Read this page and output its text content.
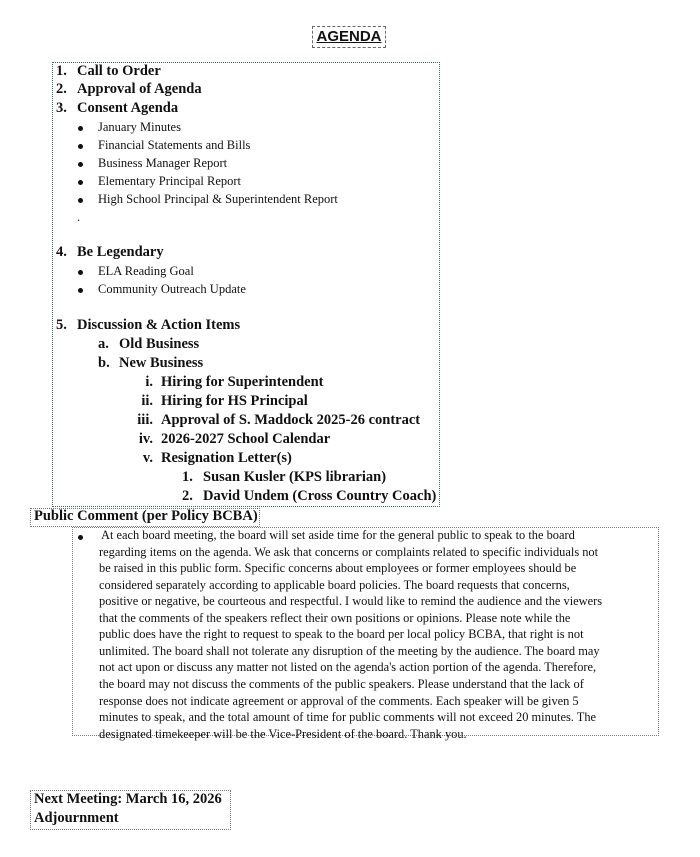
AGENDA
1. Call to Order
2. Approval of Agenda
3. Consent Agenda
January Minutes
Financial Statements and Bills
Business Manager Report
Elementary Principal Report
High School Principal & Superintendent Report
.
4. Be Legendary
ELA Reading Goal
Community Outreach Update
5. Discussion & Action Items
a. Old Business
b. New Business
i. Hiring for Superintendent
ii. Hiring for HS Principal
iii. Approval of S. Maddock 2025-26 contract
iv. 2026-2027 School Calendar
v. Resignation Letter(s)
1. Susan Kusler (KPS librarian)
2. David Undem (Cross Country Coach)
Public Comment (per Policy BCBA)
At each board meeting, the board will set aside time for the general public to speak to the board
regarding items on the agenda. We ask that concerns or complaints related to specific individuals not
be raised in this public form. Specific concerns about employees or former employees should be
considered separately according to applicable board policies. The board requests that concerns,
positive or negative, be courteous and respectful. I would like to remind the audience and the viewers
that the comments of the speakers reflect their own positions or opinions. Please note while the
public does have the right to request to speak to the board per local policy BCBA, that right is not
unlimited. The board shall not tolerate any disruption of the meeting by the audience. The board may
not act upon or discuss any matter not listed on the agenda's action portion of the agenda. Therefore,
the board may not discuss the comments of the public speakers. Please understand that the lack of
response does not indicate agreement or approval of the comments. Each speaker will be given 5
minutes to speak, and the total amount of time for public comments will not exceed 20 minutes. The
designated timekeeper will be the Vice-President of the board. Thank you.
Next Meeting: March 16, 2026
Adjournment
